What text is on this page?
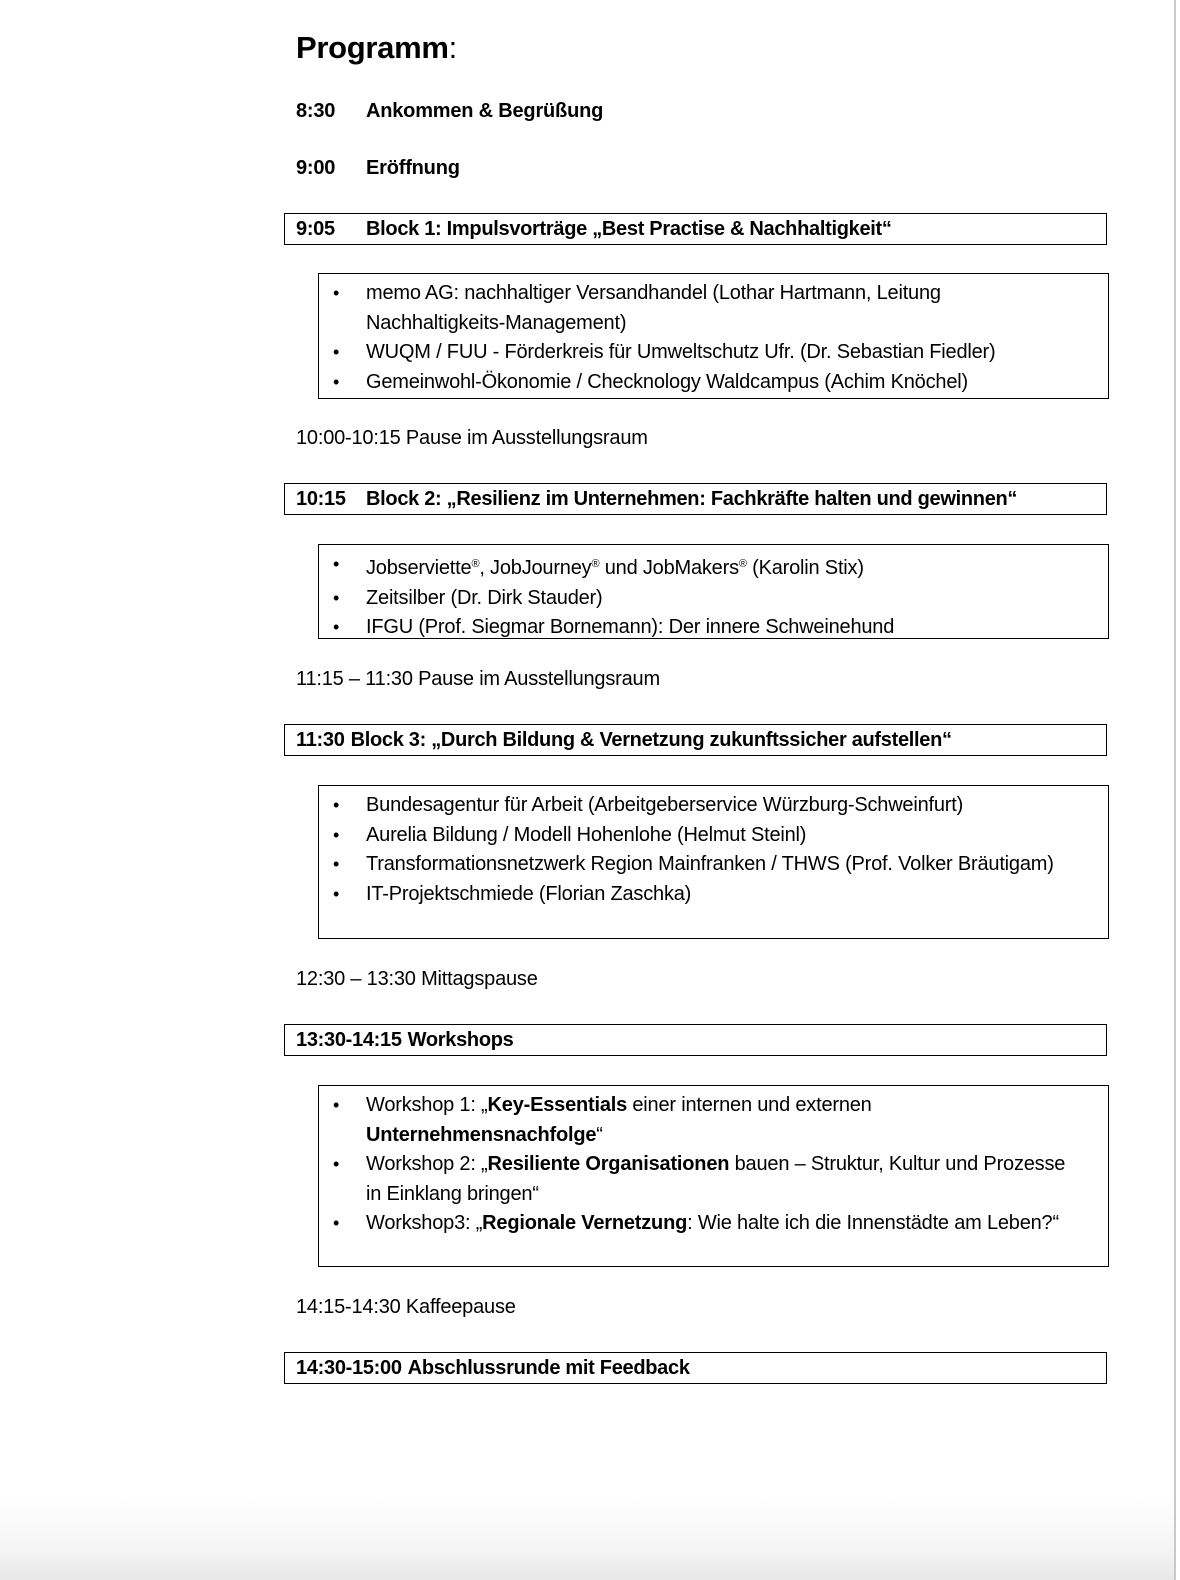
Programm:
8:30 Ankommen & Begrüßung
9:00 Eröffnung
9:05 Block 1: Impulsvorträge „Best Practise & Nachhaltigkeit“
• memo AG: nachhaltiger Versandhandel (Lothar Hartmann, Leitung Nachhaltigkeits-Management)
• WUQM / FUU - Förderkreis für Umweltschutz Ufr. (Dr. Sebastian Fiedler)
• Gemeinwohl-Ökonomie / Checknology Waldcampus (Achim Knöchel)
10:00-10:15 Pause im Ausstellungsraum
10:15 Block 2: „Resilienz im Unternehmen: Fachkräfte halten und gewinnen“
• Jobserviette®, JobJourney® und JobMakers® (Karolin Stix)
• Zeitsilber (Dr. Dirk Stauder)
• IFGU (Prof. Siegmar Bornemann): Der innere Schweinehund
11:15 – 11:30 Pause im Ausstellungsraum
11:30 Block 3: „Durch Bildung & Vernetzung zukunftssicher aufstellen“
• Bundesagentur für Arbeit (Arbeitgeberservice Würzburg-Schweinfurt)
• Aurelia Bildung / Modell Hohenlohe (Helmut Steinl)
• Transformationsnetzwerk Region Mainfranken / THWS (Prof. Volker Bräutigam)
• IT-Projektschmiede (Florian Zaschka)
12:30 – 13:30 Mittagspause
13:30-14:15 Workshops
• Workshop 1: „Key-Essentials einer internen und externen Unternehmensnachfolge“
• Workshop 2: „Resiliente Organisationen bauen – Struktur, Kultur und Prozesse in Einklang bringen“
• Workshop3: „Regionale Vernetzung: Wie halte ich die Innenstädte am Leben?“
14:15-14:30 Kaffeepause
14:30-15:00 Abschlussrunde mit Feedback
